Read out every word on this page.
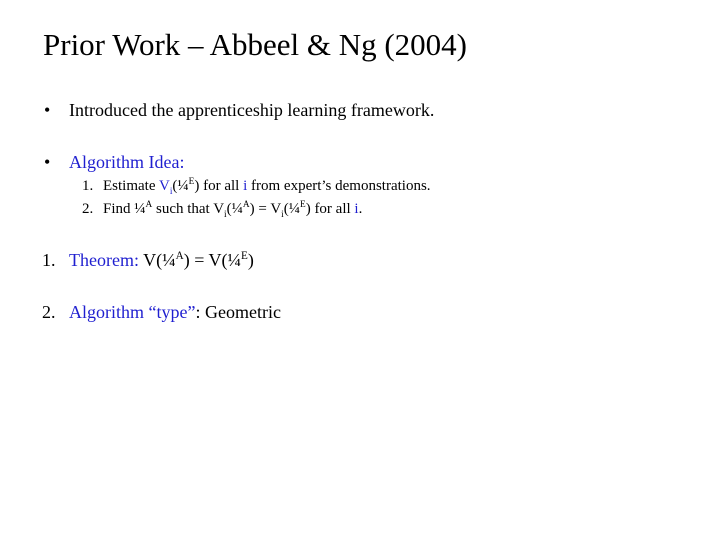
Prior Work – Abbeel & Ng (2004)
• Introduced the apprenticeship learning framework.
• Algorithm Idea:
1. Estimate $V_i(\frac{1}{4}^E)$ for all i from expert’s demonstrations.
2. Find ¼$^A$ such that $V_i(\frac{1}{4}^A)$ = $V_i(\frac{1}{4}^E)$ for all i.
1. Theorem: V(¼$^A$) = V(¼$^E$)
2. Algorithm “type”: Geometric
